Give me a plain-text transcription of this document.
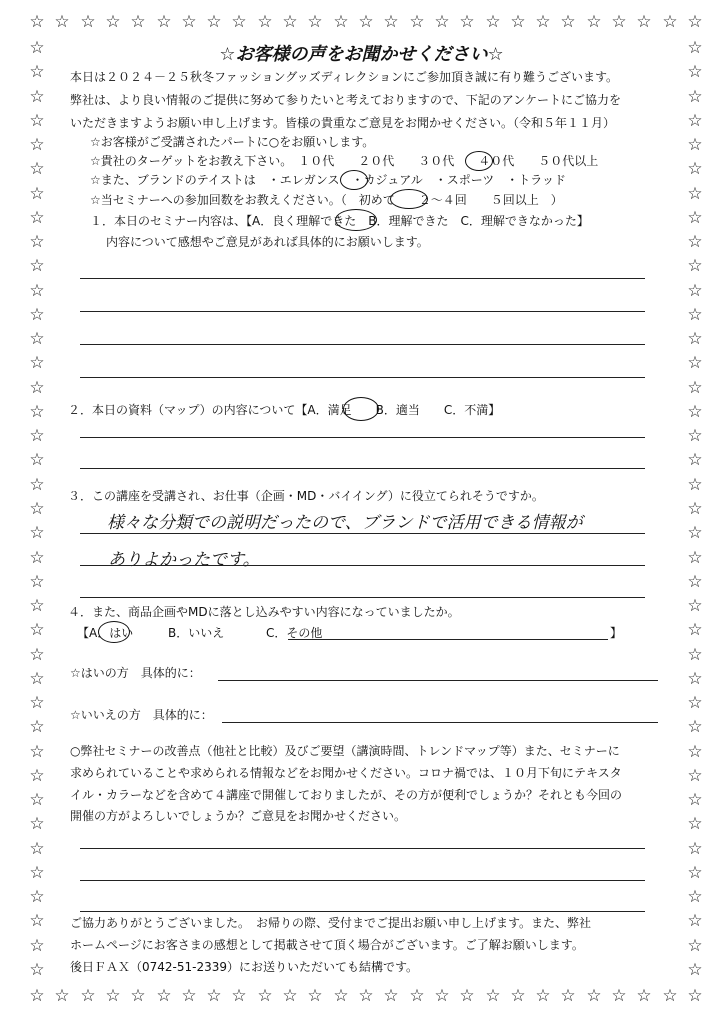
☆
☆
☆
☆
☆
☆
☆
☆
☆
☆
☆
☆
☆
☆
☆
☆
☆
☆
☆
☆
☆
☆
☆
☆
☆
☆
☆
☆
☆
☆
☆
☆
☆
☆
☆
☆
☆
☆
☆
☆
☆
☆
☆
☆
☆
☆
☆
☆
☆
☆
☆
☆
☆
☆
☆	☆
☆	☆
☆	☆
☆	☆
☆	☆
☆	☆
☆	☆
☆	☆
☆	☆
☆	☆
☆	☆
☆	☆
☆	☆
☆	☆
☆	☆
☆	☆
☆	☆
☆	☆
☆	☆
☆	☆
☆	☆
☆	☆
☆	☆
☆	☆
☆	☆
☆	☆
☆	☆
☆	☆
☆	☆
☆	☆
☆	☆
☆	☆
☆	☆
☆	☆
☆	☆
☆	☆
☆	☆
☆	☆
☆	☆
☆お客様の声をお聞かせください☆
本日は２０２４－２５秋冬ファッショングッズディレクションにご参加頂き誠に有り難うございます。
弊社は、より良い情報のご提供に努めて参りたいと考えておりますので、下記のアンケートにご協力を
いただきますようお願い申し上げます。皆様の貴重なご意見をお聞かせください。（令和５年１１月）
☆お客様がご受講されたパートに○をお願いします。
☆貴社のターゲットをお教え下さい。　１０代　　２０代　　３０代　　４０代　　５０代以上
☆また、ブランドのテイストは　・エレガンス　・カジュアル　・スポーツ　・トラッド
☆当セミナーへの参加回数をお教えください。（　初めて　　２～４回　　５回以上　）
１．本日のセミナー内容は、【A．良く理解できた　B．理解できた　C．理解できなかった】
内容について感想やご意見があれば具体的にお願いします。
２．本日の資料（マップ）の内容について【A．満足　　B．適当　　C．不満】
３．この講座を受講され、お仕事（企画・MD・バイイング）に役立てられそうですか。
様々な分類での説明だったので、ブランドで活用できる情報が
ありよかったです。
４．また、商品企画やMDに落とし込みやすい内容になっていましたか。
【A．はい	B．いいえ	C．その他	】
☆はいの方　具体的に：
☆いいえの方　具体的に：
○弊社セミナーの改善点（他社と比較）及びご要望（講演時間、トレンドマップ等）また、セミナーに
求められていることや求められる情報などをお聞かせください。コロナ禍では、１０月下旬にテキスタ
イル・カラーなどを含めて４講座で開催しておりましたが、その方が便利でしょうか？それとも今回の
開催の方がよろしいでしょうか？ご意見をお聞かせください。
ご協力ありがとうございました。　お帰りの際、受付までご提出お願い申し上げます。また、弊社
ホームページにお客さまの感想として掲載させて頂く場合がございます。ご了解お願いします。
後日ＦＡＸ（0742-51-2339）にお送りいただいても結構です。
